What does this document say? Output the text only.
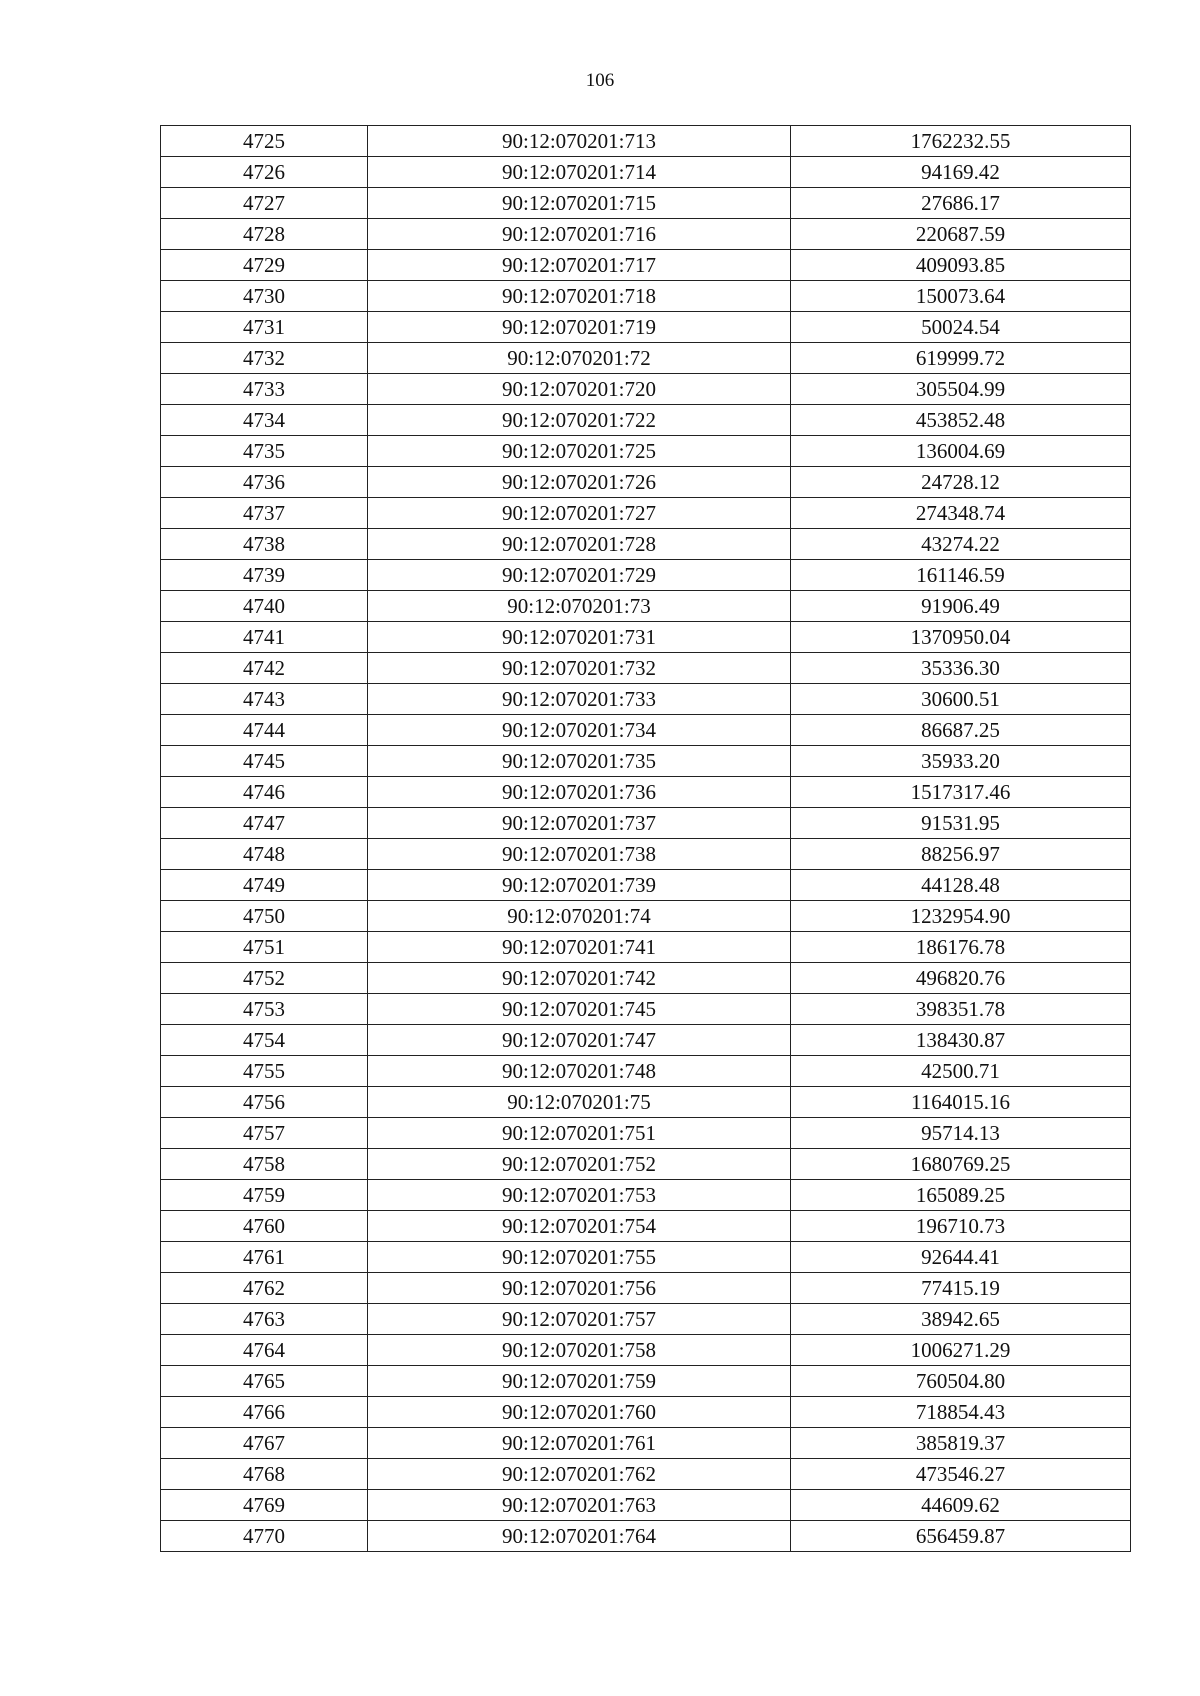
106
4725	90:12:070201:713	1762232.55
4726	90:12:070201:714	94169.42
4727	90:12:070201:715	27686.17
4728	90:12:070201:716	220687.59
4729	90:12:070201:717	409093.85
4730	90:12:070201:718	150073.64
4731	90:12:070201:719	50024.54
4732	90:12:070201:72	619999.72
4733	90:12:070201:720	305504.99
4734	90:12:070201:722	453852.48
4735	90:12:070201:725	136004.69
4736	90:12:070201:726	24728.12
4737	90:12:070201:727	274348.74
4738	90:12:070201:728	43274.22
4739	90:12:070201:729	161146.59
4740	90:12:070201:73	91906.49
4741	90:12:070201:731	1370950.04
4742	90:12:070201:732	35336.30
4743	90:12:070201:733	30600.51
4744	90:12:070201:734	86687.25
4745	90:12:070201:735	35933.20
4746	90:12:070201:736	1517317.46
4747	90:12:070201:737	91531.95
4748	90:12:070201:738	88256.97
4749	90:12:070201:739	44128.48
4750	90:12:070201:74	1232954.90
4751	90:12:070201:741	186176.78
4752	90:12:070201:742	496820.76
4753	90:12:070201:745	398351.78
4754	90:12:070201:747	138430.87
4755	90:12:070201:748	42500.71
4756	90:12:070201:75	1164015.16
4757	90:12:070201:751	95714.13
4758	90:12:070201:752	1680769.25
4759	90:12:070201:753	165089.25
4760	90:12:070201:754	196710.73
4761	90:12:070201:755	92644.41
4762	90:12:070201:756	77415.19
4763	90:12:070201:757	38942.65
4764	90:12:070201:758	1006271.29
4765	90:12:070201:759	760504.80
4766	90:12:070201:760	718854.43
4767	90:12:070201:761	385819.37
4768	90:12:070201:762	473546.27
4769	90:12:070201:763	44609.62
4770	90:12:070201:764	656459.87
